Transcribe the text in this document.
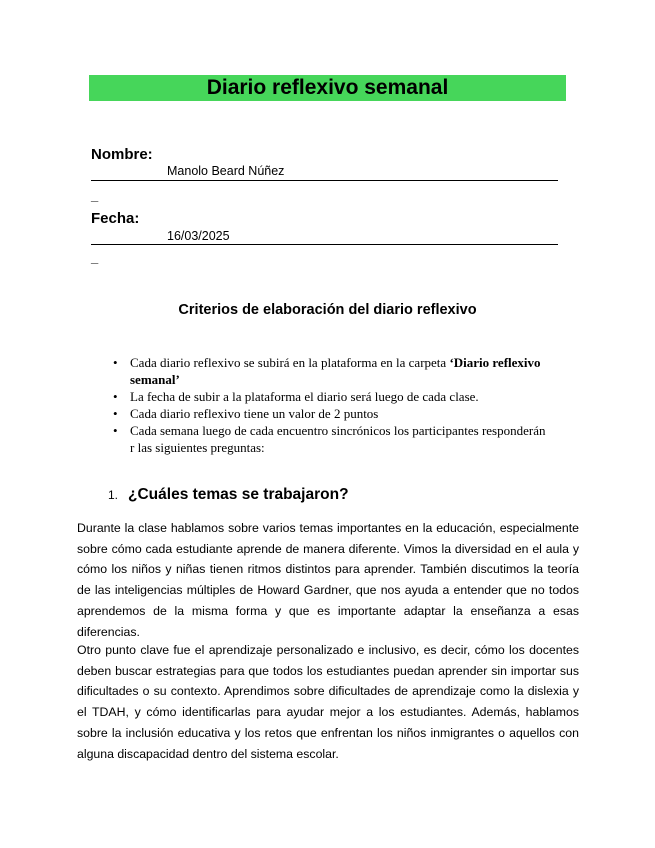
Diario reflexivo semanal
Nombre:
Manolo Beard Núñez
_
Fecha:
16/03/2025
_
Criterios de elaboración del diario reflexivo
• Cada diario reflexivo se subirá en la plataforma en la carpeta ‘Diario reflexivo semanal’
• La fecha de subir a la plataforma el diario será luego de cada clase.
• Cada diario reflexivo tiene un valor de 2 puntos
• Cada semana luego de cada encuentro sincrónicos los participantes responderán r las siguientes preguntas:
1. ¿Cuáles temas se trabajaron?

Durante la clase hablamos sobre varios temas importantes en la educación, especialmente sobre cómo cada estudiante aprende de manera diferente. Vimos la diversidad en el aula y cómo los niños y niñas tienen ritmos distintos para aprender. También discutimos la teoría de las inteligencias múltiples de Howard Gardner, que nos ayuda a entender que no todos aprendemos de la misma forma y que es importante adaptar la enseñanza a esas diferencias.

Otro punto clave fue el aprendizaje personalizado e inclusivo, es decir, cómo los docentes deben buscar estrategias para que todos los estudiantes puedan aprender sin importar sus dificultades o su contexto. Aprendimos sobre dificultades de aprendizaje como la dislexia y el TDAH, y cómo identificarlas para ayudar mejor a los estudiantes. Además, hablamos sobre la inclusión educativa y los retos que enfrentan los niños inmigrantes o aquellos con alguna discapacidad dentro del sistema escolar.
